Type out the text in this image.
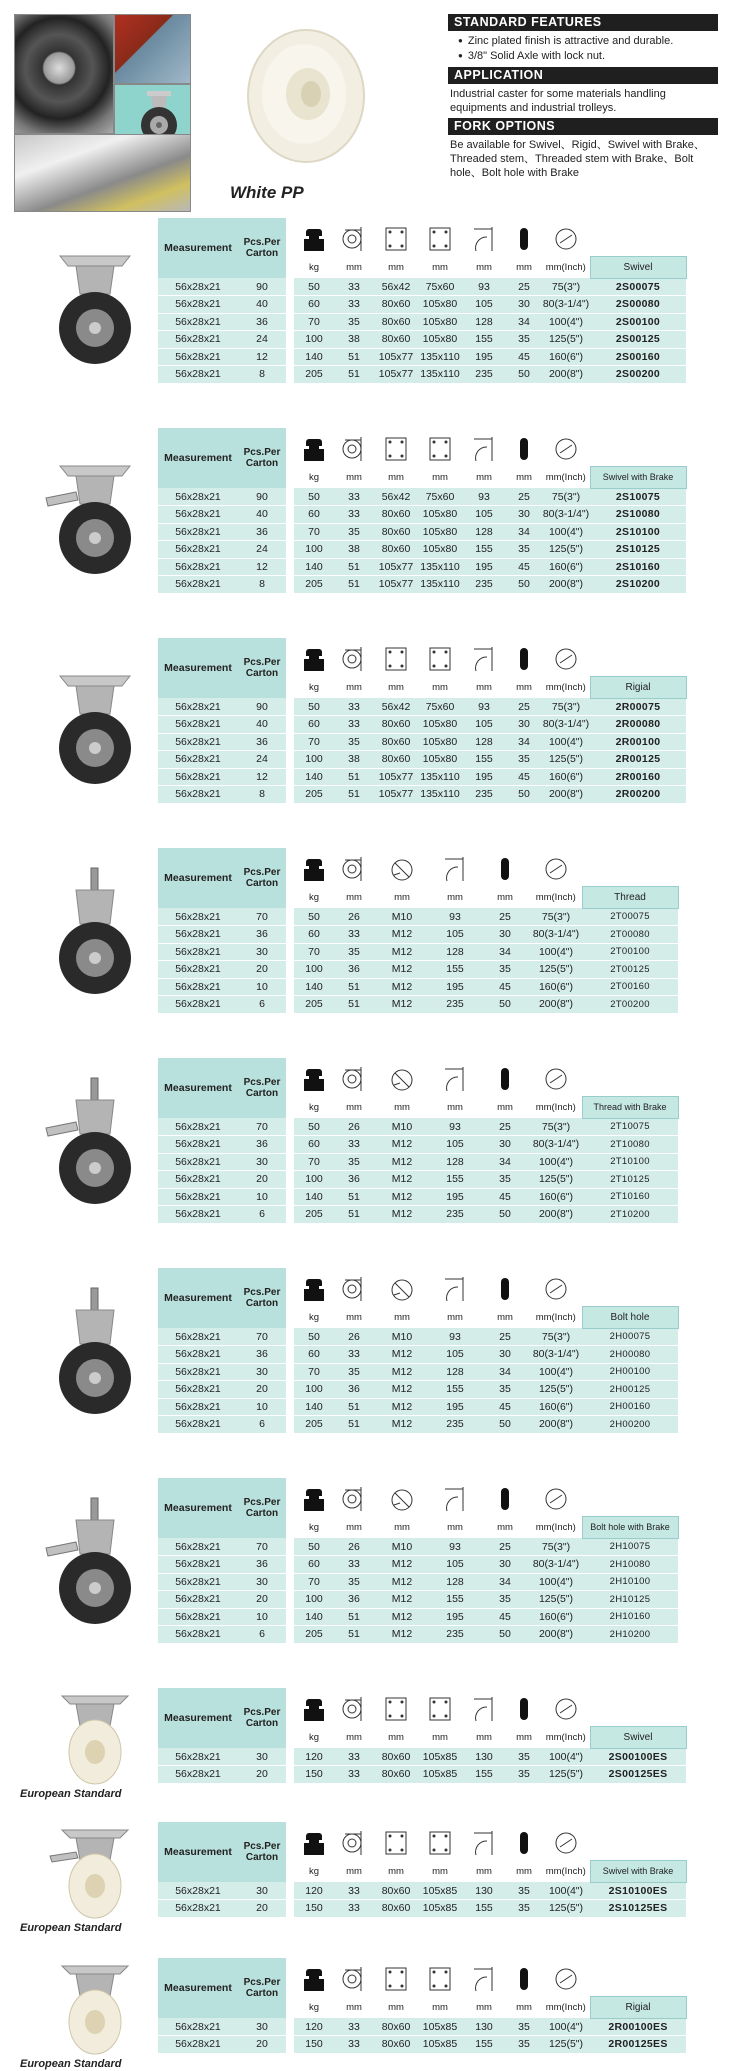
White PP
STANDARD FEATURES
● Zinc plated finish is attractive and durable.
● 3/8" Solid Axle with lock nut.
APPLICATION

Industrial caster for some materials handling equipments and industrial trolleys.

FORK OPTIONS

Be available for Swivel、Rigid、Swivel with Brake、Threaded stem、Threaded stem with Brake、Bolt hole、Bolt hole with Brake

Measurement	Pcs.Per Carton		

			kg	mm	mm	mm	mm	mm	mm(Inch)	Swivel
56x28x21	90		50	33	56x42	75x60	93	25	75(3")	2S00075
56x28x21	40		60	33	80x60	105x80	105	30	80(3-1/4")	2S00080
56x28x21	36		70	35	80x60	105x80	128	34	100(4")	2S00100
56x28x21	24		100	38	80x60	105x80	155	35	125(5")	2S00125
56x28x21	12		140	51	105x77	135x110	195	45	160(6")	2S00160
56x28x21	8		205	51	105x77	135x110	235	50	200(8")	2S00200
Measurement	Pcs.Per Carton		

			kg	mm	mm	mm	mm	mm	mm(Inch)	Swivel with Brake
56x28x21	90		50	33	56x42	75x60	93	25	75(3")	2S10075
56x28x21	40		60	33	80x60	105x80	105	30	80(3-1/4")	2S10080
56x28x21	36		70	35	80x60	105x80	128	34	100(4")	2S10100
56x28x21	24		100	38	80x60	105x80	155	35	125(5")	2S10125
56x28x21	12		140	51	105x77	135x110	195	45	160(6")	2S10160
56x28x21	8		205	51	105x77	135x110	235	50	200(8")	2S10200
Measurement	Pcs.Per Carton		

			kg	mm	mm	mm	mm	mm	mm(Inch)	Rigial
56x28x21	90		50	33	56x42	75x60	93	25	75(3")	2R00075
56x28x21	40		60	33	80x60	105x80	105	30	80(3-1/4")	2R00080
56x28x21	36		70	35	80x60	105x80	128	34	100(4")	2R00100
56x28x21	24		100	38	80x60	105x80	155	35	125(5")	2R00125
56x28x21	12		140	51	105x77	135x110	195	45	160(6")	2R00160
56x28x21	8		205	51	105x77	135x110	235	50	200(8")	2R00200
Measurement	Pcs.Per Carton		

			kg	mm	mm	mm	mm	mm(Inch)	Thread
56x28x21	70		50	26	M10	93	25	75(3")	2T00075
56x28x21	36		60	33	M12	105	30	80(3-1/4")	2T00080
56x28x21	30		70	35	M12	128	34	100(4")	2T00100
56x28x21	20		100	36	M12	155	35	125(5")	2T00125
56x28x21	10		140	51	M12	195	45	160(6")	2T00160
56x28x21	6		205	51	M12	235	50	200(8")	2T00200
Measurement	Pcs.Per Carton		

			kg	mm	mm	mm	mm	mm(Inch)	Thread with Brake
56x28x21	70		50	26	M10	93	25	75(3")	2T10075
56x28x21	36		60	33	M12	105	30	80(3-1/4")	2T10080
56x28x21	30		70	35	M12	128	34	100(4")	2T10100
56x28x21	20		100	36	M12	155	35	125(5")	2T10125
56x28x21	10		140	51	M12	195	45	160(6")	2T10160
56x28x21	6		205	51	M12	235	50	200(8")	2T10200
Measurement	Pcs.Per Carton		

			kg	mm	mm	mm	mm	mm(Inch)	Bolt hole
56x28x21	70		50	26	M10	93	25	75(3")	2H00075
56x28x21	36		60	33	M12	105	30	80(3-1/4")	2H00080
56x28x21	30		70	35	M12	128	34	100(4")	2H00100
56x28x21	20		100	36	M12	155	35	125(5")	2H00125
56x28x21	10		140	51	M12	195	45	160(6")	2H00160
56x28x21	6		205	51	M12	235	50	200(8")	2H00200
Measurement	Pcs.Per Carton		

			kg	mm	mm	mm	mm	mm(Inch)	Bolt hole with Brake
56x28x21	70		50	26	M10	93	25	75(3")	2H10075
56x28x21	36		60	33	M12	105	30	80(3-1/4")	2H10080
56x28x21	30		70	35	M12	128	34	100(4")	2H10100
56x28x21	20		100	36	M12	155	35	125(5")	2H10125
56x28x21	10		140	51	M12	195	45	160(6")	2H10160
56x28x21	6		205	51	M12	235	50	200(8")	2H10200
European Standard
Measurement	Pcs.Per Carton		

			kg	mm	mm	mm	mm	mm	mm(Inch)	Swivel
56x28x21	30		120	33	80x60	105x85	130	35	100(4")	2S00100ES
56x28x21	20		150	33	80x60	105x85	155	35	125(5")	2S00125ES
European Standard
Measurement	Pcs.Per Carton		

			kg	mm	mm	mm	mm	mm	mm(Inch)	Swivel with Brake
56x28x21	30		120	33	80x60	105x85	130	35	100(4")	2S10100ES
56x28x21	20		150	33	80x60	105x85	155	35	125(5")	2S10125ES
European Standard
Measurement	Pcs.Per Carton		

			kg	mm	mm	mm	mm	mm	mm(Inch)	Rigial
56x28x21	30		120	33	80x60	105x85	130	35	100(4")	2R00100ES
56x28x21	20		150	33	80x60	105x85	155	35	125(5")	2R00125ES
